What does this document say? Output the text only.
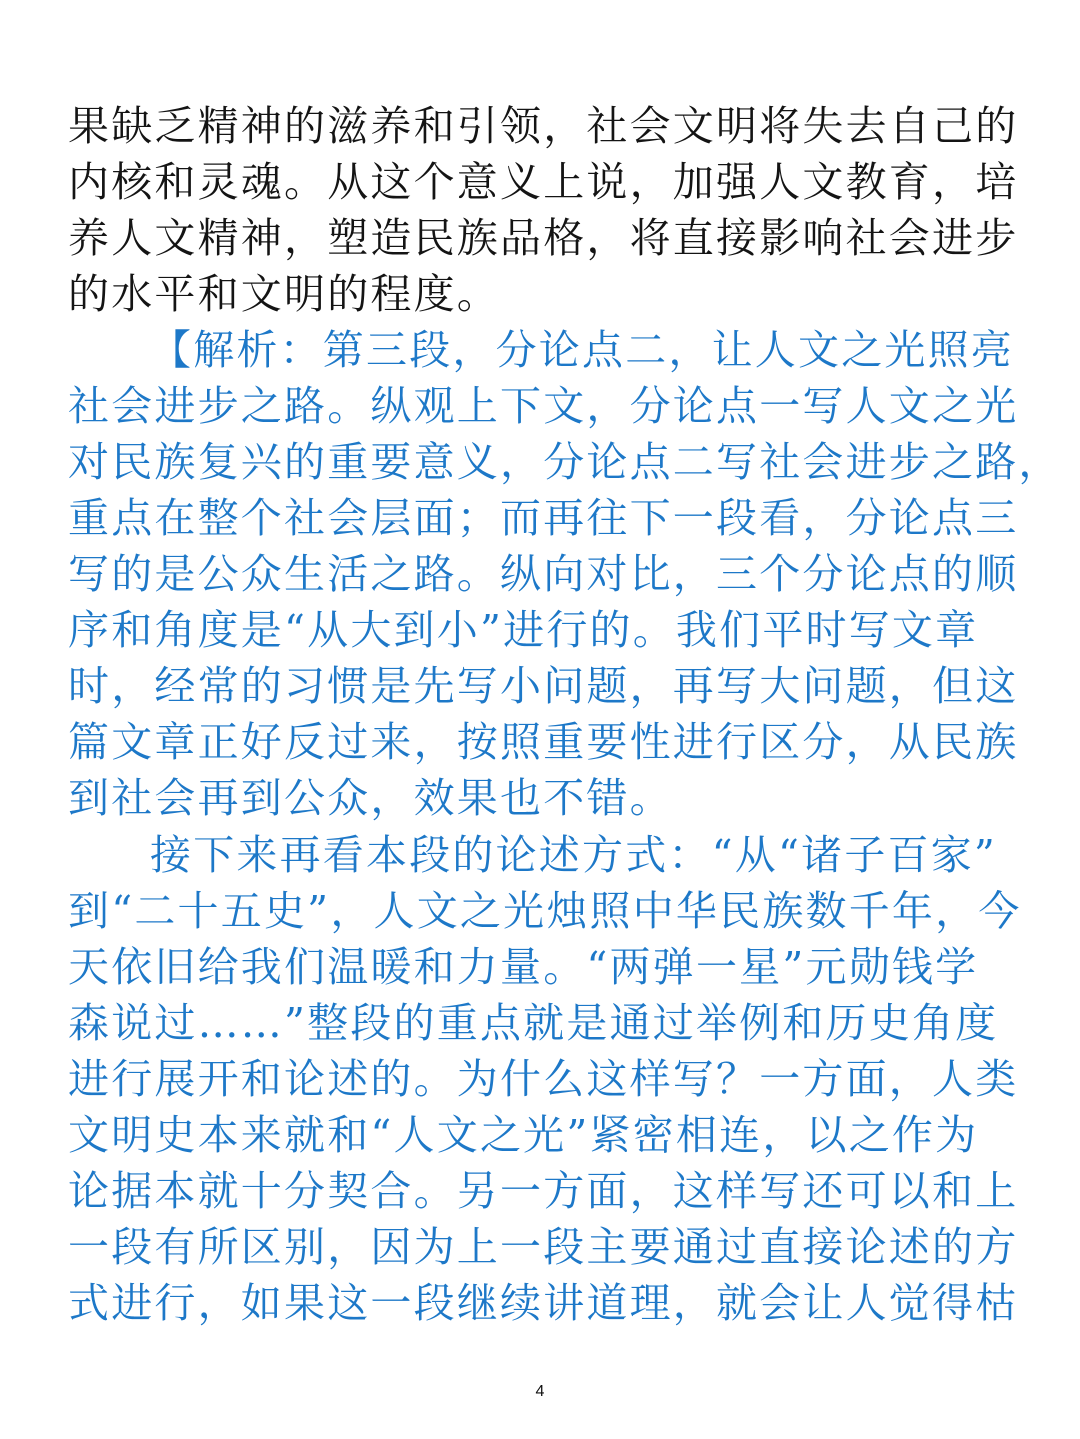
果缺乏精神的滋养和引领，社会文明将失去自己的
内核和灵魂。从这个意义上说，加强人文教育，培
养人文精神，塑造民族品格，将直接影响社会进步
的水平和文明的程度。
【解析：第三段，分论点二，让人文之光照亮
社会进步之路。纵观上下文，分论点一写人文之光
对民族复兴的重要意义，分论点二写社会进步之路，
重点在整个社会层面；而再往下一段看，分论点三
写的是公众生活之路。纵向对比，三个分论点的顺
序和角度是“从大到小”进行的。我们平时写文章
时，经常的习惯是先写小问题，再写大问题，但这
篇文章正好反过来，按照重要性进行区分，从民族
到社会再到公众，效果也不错。
接下来再看本段的论述方式：“从“诸子百家”
到“二十五史”，人文之光烛照中华民族数千年，今
天依旧给我们温暖和力量。“两弹一星”元勋钱学
森说过……”整段的重点就是通过举例和历史角度
进行展开和论述的。为什么这样写？一方面，人类
文明史本来就和“人文之光”紧密相连，以之作为
论据本就十分契合。另一方面，这样写还可以和上
一段有所区别，因为上一段主要通过直接论述的方
式进行，如果这一段继续讲道理，就会让人觉得枯
4
